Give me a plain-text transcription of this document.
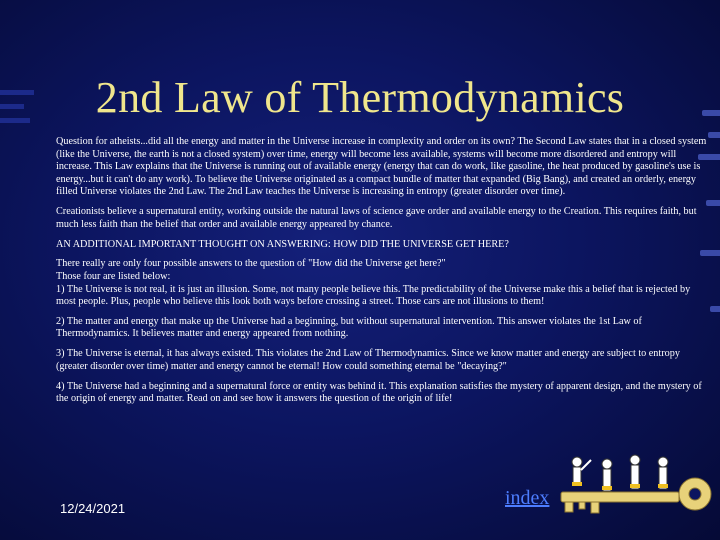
2nd Law of Thermodynamics

Question for atheists...did all the energy and matter in the Universe increase in complexity and order on its own? The Second Law states that in a closed system (like the Universe, the earth is not a closed system) over time, energy will become less available, systems will become more disordered and entropy will increase. This Law explains that the Universe is running out of available energy (energy that can do work, like gasoline, the heat produced by gasoline's use is energy...but it can't do any work). To believe the Universe originated as a compact bundle of matter that expanded (Big Bang), and created an orderly, energy filled Universe violates the 2nd Law. The 2nd Law teaches the Universe is increasing in entropy (greater disorder over time).

Creationists believe a supernatural entity, working outside the natural laws of science gave order and available energy to the Creation. This requires faith, but much less faith than the belief that order and available energy appeared by chance.

AN ADDITIONAL IMPORTANT THOUGHT ON ANSWERING: HOW DID THE UNIVERSE GET HERE?

There really are only four possible answers to the question of "How did the Universe get here?"
Those four are listed below:
1) The Universe is not real, it is just an illusion. Some, not many people believe this. The predictability of the Universe make this a belief that is rejected by most people. Plus, people who believe this look both ways before crossing a street. Those cars are not illusions to them!

2) The matter and energy that make up the Universe had a beginning, but without supernatural intervention. This answer violates the 1st Law of Thermodynamics. It believes matter and energy appeared from nothing.

3) The Universe is eternal, it has always existed. This violates the 2nd Law of Thermodynamics. Since we know matter and energy are subject to entropy (greater disorder over time) matter and energy cannot be eternal! How could something eternal be "decaying?"

4) The Universe had a beginning and a supernatural force or entity was behind it. This explanation satisfies the mystery of apparent design, and the mystery of the origin of energy and matter. Read on and see how it answers the question of the origin of life!

12/24/2021	index
